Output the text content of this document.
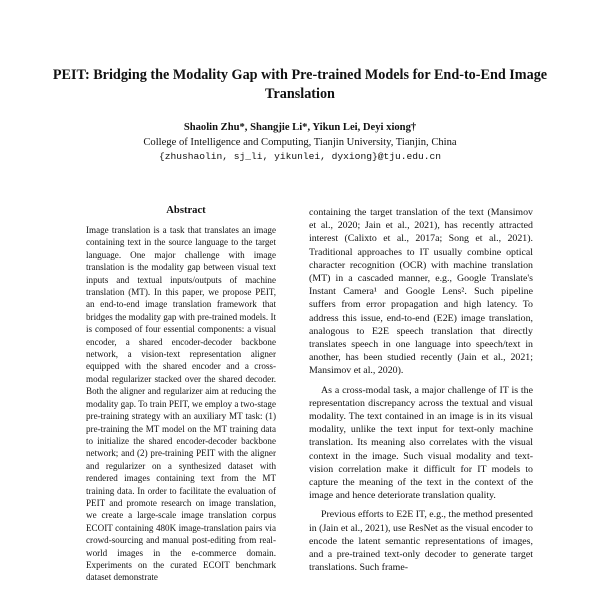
PEIT: Bridging the Modality Gap with Pre-trained Models for End-to-End Image Translation
Shaolin Zhu*, Shangjie Li*, Yikun Lei, Deyi xiong†
College of Intelligence and Computing, Tianjin University, Tianjin, China
{zhushaolin, sj_li, yikunlei, dyxiong}@tju.edu.cn
Abstract

Image translation is a task that translates an image containing text in the source language to the target language. One major challenge with image translation is the modality gap between visual text inputs and textual inputs/outputs of machine translation (MT). In this paper, we propose PEIT, an end-to-end image translation framework that bridges the modality gap with pre-trained models. It is composed of four essential components: a visual encoder, a shared encoder-decoder backbone network, a vision-text representation aligner equipped with the shared encoder and a cross-modal regularizer stacked over the shared decoder. Both the aligner and regularizer aim at reducing the modality gap. To train PEIT, we employ a two-stage pre-training strategy with an auxiliary MT task: (1) pre-training the MT model on the MT training data to initialize the shared encoder-decoder backbone network; and (2) pre-training PEIT with the aligner and regularizer on a synthesized dataset with rendered images containing text from the MT training data. In order to facilitate the evaluation of PEIT and promote research on image translation, we create a large-scale image translation corpus ECOIT containing 480K image-translation pairs via crowd-sourcing and manual post-editing from real-world images in the e-commerce domain. Experiments on the curated ECOIT benchmark dataset demonstrate

containing the target translation of the text (Mansimov et al., 2020; Jain et al., 2021), has recently attracted interest (Calixto et al., 2017a; Song et al., 2021). Traditional approaches to IT usually combine optical character recognition (OCR) with machine translation (MT) in a cascaded manner, e.g., Google Translate's Instant Camera¹ and Google Lens². Such pipeline suffers from error propagation and high latency. To address this issue, end-to-end (E2E) image translation, analogous to E2E speech translation that directly translates speech in one language into speech/text in another, has been studied recently (Jain et al., 2021; Mansimov et al., 2020).

As a cross-modal task, a major challenge of IT is the representation discrepancy across the textual and visual modality. The text contained in an image is in its visual modality, unlike the text input for text-only machine translation. Its meaning also correlates with the visual context in the image. Such visual modality and text-vision correlation make it difficult for IT models to capture the meaning of the text in the context of the image and hence deteriorate translation quality.

Previous efforts to E2E IT, e.g., the method presented in (Jain et al., 2021), use ResNet as the visual encoder to encode the latent semantic representations of images, and a pre-trained text-only decoder to generate target translations. Such frame-
